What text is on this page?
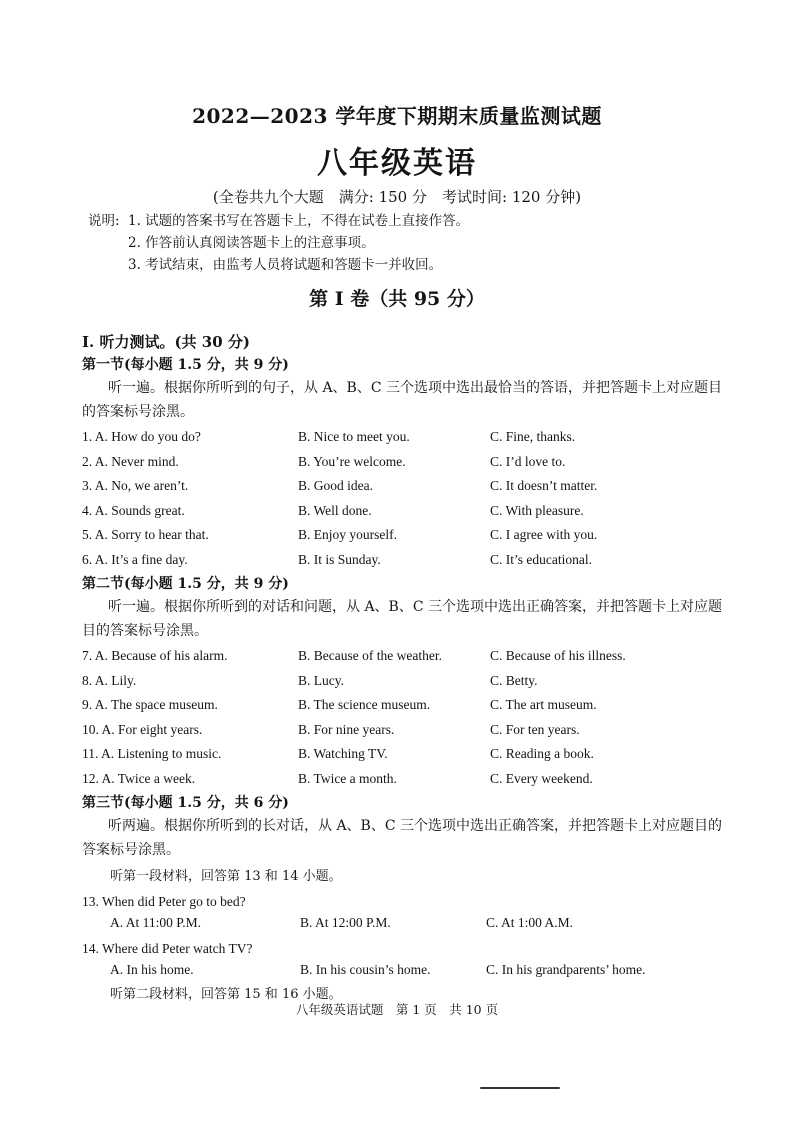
2022—2023 学年度下期期末质量监测试题
八年级英语
(全卷共九个大题　满分: 150 分　考试时间: 120 分钟)
说明: 1. 试题的答案书写在答题卡上，不得在试卷上直接作答。
2. 作答前认真阅读答题卡上的注意事项。
3. 考试结束，由监考人员将试题和答题卡一并收回。
第 I 卷（共 95 分）
I. 听力测试。(共 30 分)
第一节(每小题 1.5 分，共 9 分)

听一遍。根据你所听到的句子，从 A、B、C 三个选项中选出最恰当的答语，并把答题卡上对应题目的答案标号涂黑。

1. A. How do you do?	B. Nice to meet you.	C. Fine, thanks.
2. A. Never mind.	B. You’re welcome.	C. I’d love to.
3. A. No, we aren’t.	B. Good idea.	C. It doesn’t matter.
4. A. Sounds great.	B. Well done.	C. With pleasure.
5. A. Sorry to hear that.	B. Enjoy yourself.	C. I agree with you.
6. A. It’s a fine day.	B. It is Sunday.	C. It’s educational.
第二节(每小题 1.5 分，共 9 分)

听一遍。根据你所听到的对话和问题，从 A、B、C 三个选项中选出正确答案，并把答题卡上对应题目的答案标号涂黑。

7. A. Because of his alarm.	B. Because of the weather.	C. Because of his illness.
8. A. Lily.	B. Lucy.	C. Betty.
9. A. The space museum.	B. The science museum.	C. The art museum.
10. A. For eight years.	B. For nine years.	C. For ten years.
11. A. Listening to music.	B. Watching TV.	C. Reading a book.
12. A. Twice a week.	B. Twice a month.	C. Every weekend.
第三节(每小题 1.5 分，共 6 分)

听两遍。根据你所听到的长对话，从 A、B、C 三个选项中选出正确答案，并把答题卡上对应题目的答案标号涂黑。

听第一段材料，回答第 13 和 14 小题。
13. When did Peter go to bed?
A. At 11:00 P.M.	B. At 12:00 P.M.	C. At 1:00 A.M.
14. Where did Peter watch TV?
A. In his home.	B. In his cousin’s home.	C. In his grandparents’ home.
听第二段材料，回答第 15 和 16 小题。
八年级英语试题　第 1 页　共 10 页
